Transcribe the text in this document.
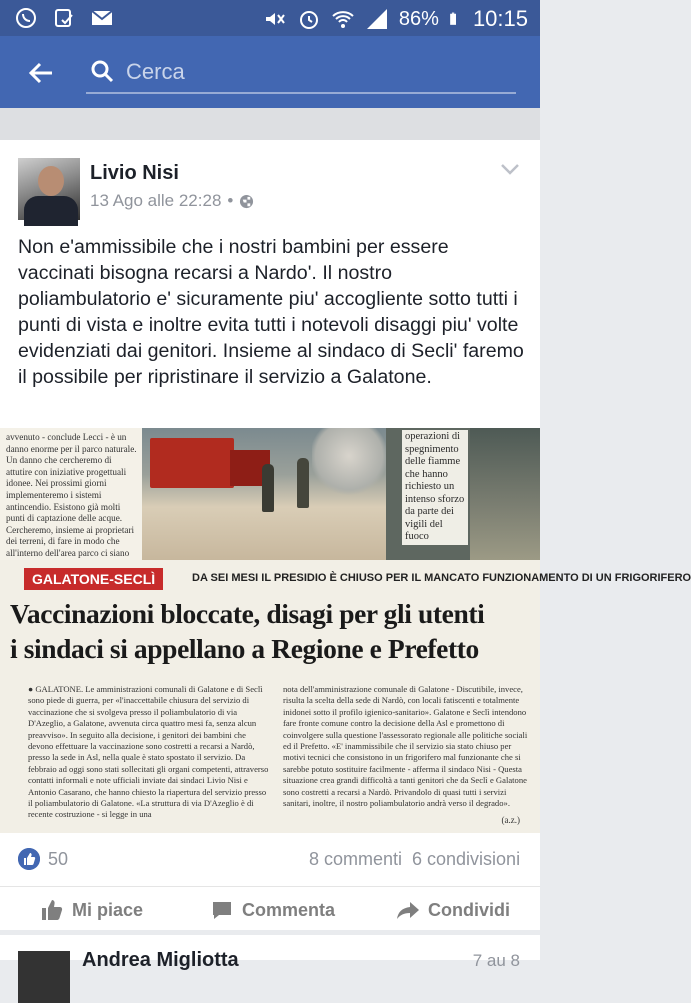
86% 10:15
Cerca
Livio Nisi
13 Ago alle 22:28 •
Non e'ammissibile che i nostri bambini per essere vaccinati bisogna recarsi a Nardo'. Il nostro poliambulatorio e' sicuramente piu' accogliente sotto tutti i punti di vista e inoltre evita tutti i notevoli disaggi piu' volte evidenziati dai genitori. Insieme al sindaco di Secli' faremo il possibile per ripristinare il servizio a Galatone.
avvenuto - conclude Lecci - è un danno enorme per il parco naturale. Un danno che cercheremo di attutire con iniziative progettuali idonee. Nei prossimi giorni implementeremo i sistemi antincendio. Esistono già molti punti di captazione delle acque. Cercheremo, insieme ai proprietari dei terreni, di fare in modo che all'interno dell'area parco ci siano
operazioni di spegnimento delle fiamme che hanno richiesto un intenso sforzo da parte dei vigili del fuoco
GALATONE-SECLÌ	DA SEI MESI IL PRESIDIO È CHIUSO PER IL MANCATO FUNZIONAMENTO DI UN FRIGORIFERO
Vaccinazioni bloccate, disagi per gli utenti
i sindaci si appellano a Regione e Prefetto
● GALATONE. Le amministrazioni comunali di Galatone e di Seclì sono piede di guerra, per «l'inaccettabile chiusura del servizio di vaccinazione che si svolgeva presso il poliambulatorio di via D'Azeglio, a Galatone, avvenuta circa quattro mesi fa, senza alcun preavviso». In seguito alla decisione, i genitori dei bambini che devono effettuare la vaccinazione sono costretti a recarsi a Nardò, presso la sede in Asl, nella quale è stato spostato il servizio. Da febbraio ad oggi sono stati sollecitati gli organi competenti, attraverso contatti informali e note ufficiali inviate dai sindaci Livio Nisi e Antonio Casarano, che hanno chiesto la riapertura del servizio presso il poliambulatorio di Galatone. «La struttura di via D'Azeglio è di recente costruzione - si legge in una
nota dell'amministrazione comunale di Galatone - Discutibile, invece, risulta la scelta della sede di Nardò, con locali fatiscenti e totalmente inidonei sotto il profilo igienico-sanitario». Galatone e Seclì intendono fare fronte comune contro la decisione della Asl e promettono di coinvolgere sulla questione l'assessorato regionale alle politiche sociali ed il Prefetto. «E' inammissibile che il servizio sia stato chiuso per motivi tecnici che consistono in un frigorifero mal funzionante che si sarebbe potuto sostituire facilmente - afferma il sindaco Nisi - Questa situazione crea grandi difficoltà a tanti genitori che da Seclì e Galatone sono costretti a recarsi a Nardò. Privandolo di quasi tutti i servizi sanitari, inoltre, il nostro poliambulatorio andrà verso il degrado».
(a.z.)
50	8 commenti 6 condivisioni
Mi piace	Commenta	Condividi
Andrea Migliotta	7 au 8
